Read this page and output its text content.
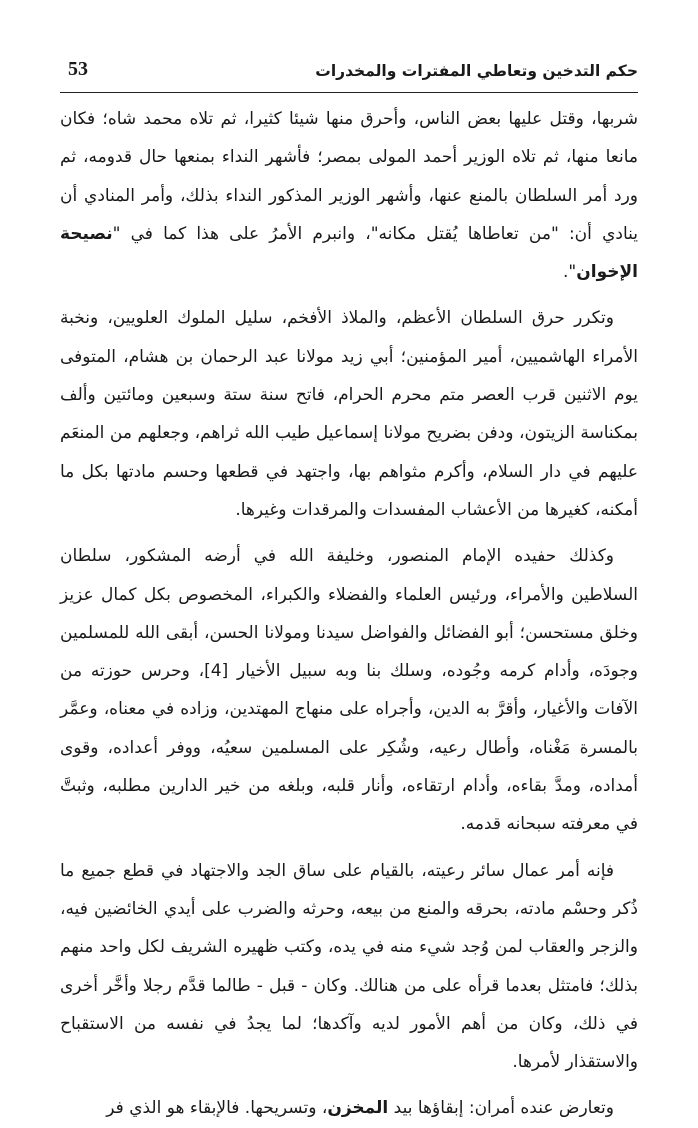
حكم التدخين وتعاطي المفترات والمخدرات
53

شربها، وقتل عليها بعض الناس، وأحرق منها شيئا كثيرا، ثم تلاه محمد شاه؛ فكان مانعا منها، ثم تلاه الوزير أحمد المولى بمصر؛ فأشهر النداء بمنعها حال قدومه، ثم ورد أمر السلطان بالمنع عنها، وأشهر الوزير المذكور النداء بذلك، وأمر المنادي أن ينادي أن: "من تعاطاها يُقتل مكانه"، وانبرم الأمرُ على هذا كما في "نصيحة الإخوان".

وتكرر حرق السلطان الأعظم، والملاذ الأفخم، سليل الملوك العلويين، ونخبة الأمراء الهاشميين، أمير المؤمنين؛ أبي زيد مولانا عبد الرحمان بن هشام، المتوفى يوم الاثنين قرب العصر متم محرم الحرام، فاتح سنة ستة وسبعين ومائتين وألف بمكناسة الزيتون، ودفن بضريح مولانا إسماعيل طيب الله ثراهم، وجعلهم من المنعَم عليهم في دار السلام، وأكرم مثواهم بها، واجتهد في قطعها وحسم مادتها بكل ما أمكنه، كغيرها من الأعشاب المفسدات والمرقدات وغيرها.

وكذلك حفيده الإمام المنصور، وخليفة الله في أرضه المشكور، سلطان السلاطين والأمراء، ورئيس العلماء والفضلاء والكبراء، المخصوص بكل كمال عزيز وخلق مستحسن؛ أبو الفضائل والفواضل سيدنا ومولانا الحسن، أبقى الله للمسلمين وجودَه، وأدام كرمه وجُوده، وسلك بنا وبه سبيل الأخيار [4]، وحرس حوزته من الآفات والأغيار، وأقرَّ به الدين، وأجراه على منهاج المهتدين، وزاده في معناه، وعمَّر بالمسرة مَغْناه، وأطال رعيه، وشُكِر على المسلمين سعيُه، ووفر أعداده، وقوى أمداده، ومدَّ بقاءه، وأدام ارتقاءه، وأنار قلبه، وبلغه من خير الدارين مطلبه، وثبتَّ في معرفته سبحانه قدمه.

فإنه أمر عمال سائر رعيته، بالقيام على ساق الجد والاجتهاد في قطع جميع ما ذُكر وحسْم مادته، بحرقه والمنع من بيعه، وحرثه والضرب على أيدي الخائضين فيه، والزجر والعقاب لمن وُجد شيء منه في يده، وكتب ظهيره الشريف لكل واحد منهم بذلك؛ فامتثل بعدما قرأه على من هنالك. وكان - قبل - طالما قدَّم رجلا وأخَّر أخرى في ذلك، وكان من أهم الأمور لديه وآكدها؛ لما يجدُ في نفسه من الاستقباح والاستقذار لأمرها.

وتعارض عنده أمران: إبقاؤها بيد المخزن، وتسريحها. فالإبقاء هو الذي فر
